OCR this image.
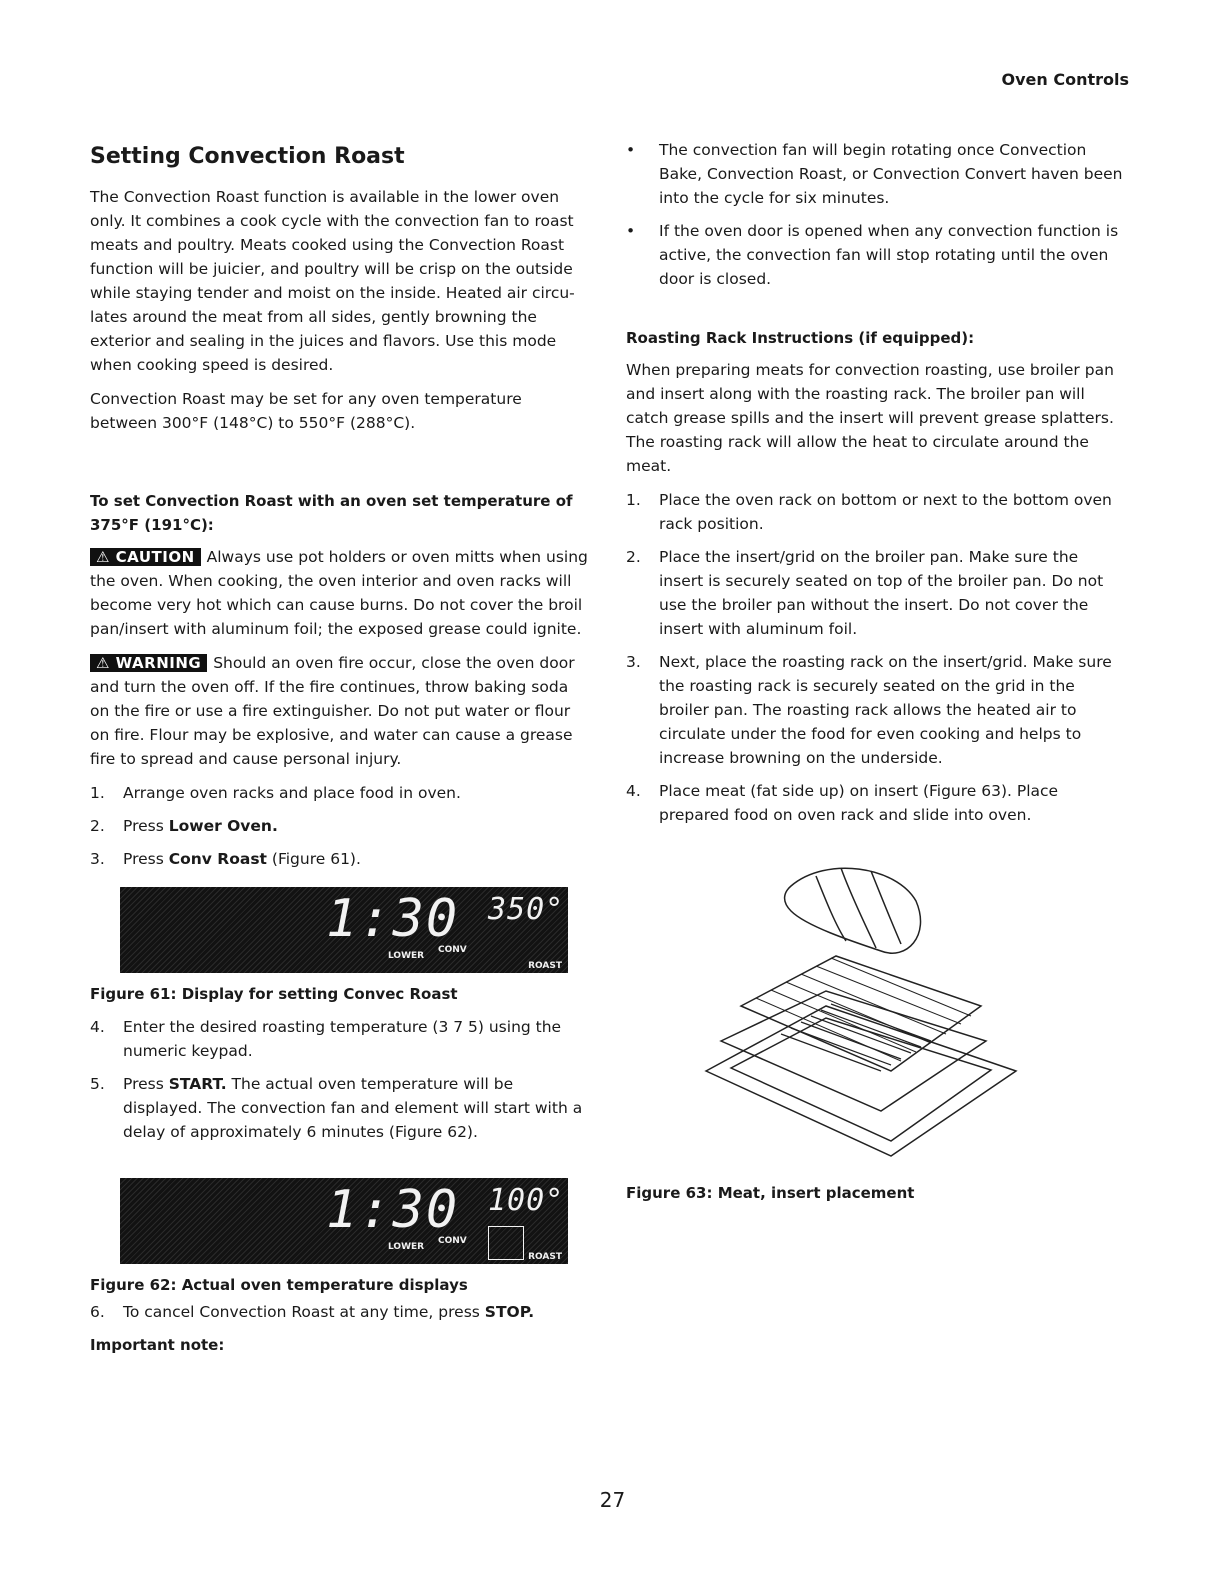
Oven Controls
Setting Convection Roast

The Convection Roast function is available in the lower oven only. It combines a cook cycle with the convection fan to roast meats and poultry. Meats cooked using the Convection Roast function will be juicier, and poultry will be crisp on the outside while staying tender and moist on the inside. Heated air circu-lates around the meat from all sides, gently browning the exterior and sealing in the juices and flavors. Use this mode when cooking speed is desired.

Convection Roast may be set for any oven temperature between 300°F (148°C) to 550°F (288°C).

To set Convection Roast with an oven set temperature of 375°F (191°C):

⚠ CAUTION Always use pot holders or oven mitts when using the oven. When cooking, the oven interior and oven racks will become very hot which can cause burns. Do not cover the broil pan/insert with aluminum foil; the exposed grease could ignite.

⚠ WARNING Should an oven fire occur, close the oven door and turn the oven off. If the fire continues, throw baking soda on the fire or use a fire extinguisher. Do not put water or flour on fire. Flour may be explosive, and water can cause a grease fire to spread and cause personal injury.

1. Arrange oven racks and place food in oven.
2. Press Lower Oven.
3. Press Conv Roast (Figure 61).
1:30 350°
LOWER
CONV
ROAST
Figure 61: Display for setting Convec Roast
4. Enter the desired roasting temperature (3 7 5) using the numeric keypad.
5. Press START. The actual oven temperature will be displayed. The convection fan and element will start with a delay of approximately 6 minutes (Figure 62).
1:30 100°
LOWER
CONV
ROAST
Figure 62: Actual oven temperature displays
6. To cancel Convection Roast at any time, press STOP.
Important note:
• The convection fan will begin rotating once Convection Bake, Convection Roast, or Convection Convert haven been into the cycle for six minutes.
• If the oven door is opened when any convection function is active, the convection fan will stop rotating until the oven door is closed.
Roasting Rack Instructions (if equipped):

When preparing meats for convection roasting, use broiler pan and insert along with the roasting rack. The broiler pan will catch grease spills and the insert will prevent grease splatters. The roasting rack will allow the heat to circulate around the meat.

1. Place the oven rack on bottom or next to the bottom oven rack position.
2. Place the insert/grid on the broiler pan. Make sure the insert is securely seated on top of the broiler pan. Do not use the broiler pan without the insert. Do not cover the insert with aluminum foil.
3. Next, place the roasting rack on the insert/grid. Make sure the roasting rack is securely seated on the grid in the broiler pan. The roasting rack allows the heated air to circulate under the food for even cooking and helps to increase browning on the underside.
4. Place meat (fat side up) on insert (Figure 63). Place prepared food on oven rack and slide into oven.
Figure 63: Meat, insert placement
27
